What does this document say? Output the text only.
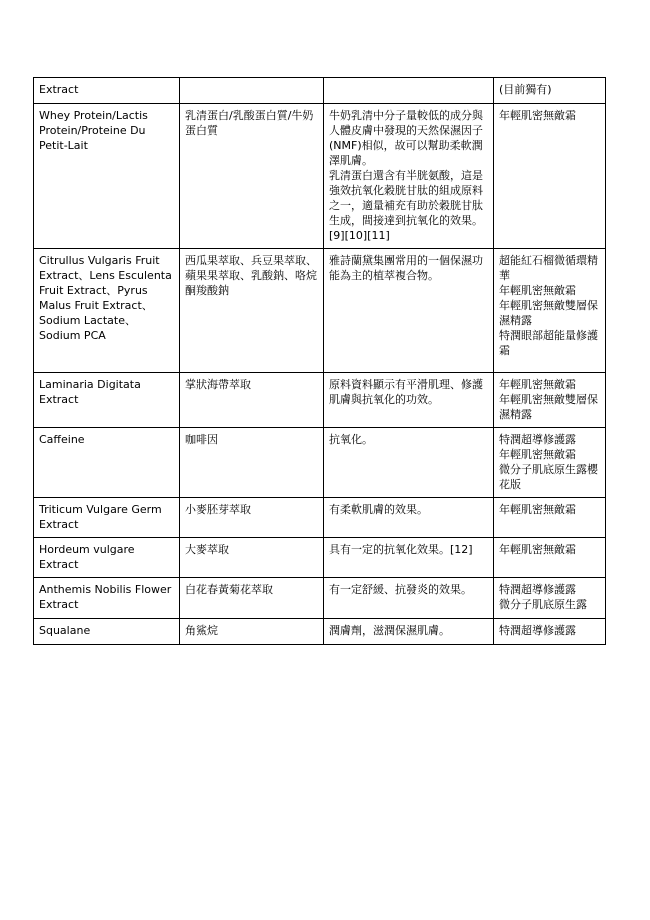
Extract			(目前獨有)

Whey Protein/Lactis Protein/Proteine Du Petit-Lait	乳清蛋白/乳酸蛋白質/牛奶蛋白質	牛奶乳清中分子量較低的成分與人體皮膚中發現的天然保濕因子(NMF)相似，故可以幫助柔軟潤澤肌膚。
乳清蛋白還含有半胱氨酸，這是強效抗氧化穀胱甘肽的組成原料之一，適量補充有助於穀胱甘肽生成，間接達到抗氧化的效果。[9][10][11]	年輕肌密無敵霜

Citrullus Vulgaris Fruit Extract、Lens Esculenta Fruit Extract、Pyrus Malus Fruit Extract、Sodium Lactate、Sodium PCA	西瓜果萃取、兵豆果萃取、蘋果果萃取、乳酸鈉、咯烷酮羧酸鈉	雅詩蘭黛集團常用的一個保濕功能為主的植萃複合物。	超能紅石榴微循環精華
年輕肌密無敵霜
年輕肌密無敵雙層保濕精露
特潤眼部超能量修護霜

Laminaria Digitata Extract	掌狀海帶萃取	原料資料顯示有平滑肌理、修護肌膚與抗氧化的功效。	年輕肌密無敵霜
年輕肌密無敵雙層保濕精露

Caffeine	咖啡因	抗氧化。	特潤超導修護露
年輕肌密無敵霜
微分子肌底原生露櫻花版

Triticum Vulgare Germ Extract	小麥胚芽萃取	有柔軟肌膚的效果。	年輕肌密無敵霜

Hordeum vulgare Extract	大麥萃取	具有一定的抗氧化效果。[12]	年輕肌密無敵霜

Anthemis Nobilis Flower Extract	白花春黃菊花萃取	有一定舒緩、抗發炎的效果。	特潤超導修護露
微分子肌底原生露

Squalane	角鯊烷	潤膚劑，滋潤保濕肌膚。	特潤超導修護露
